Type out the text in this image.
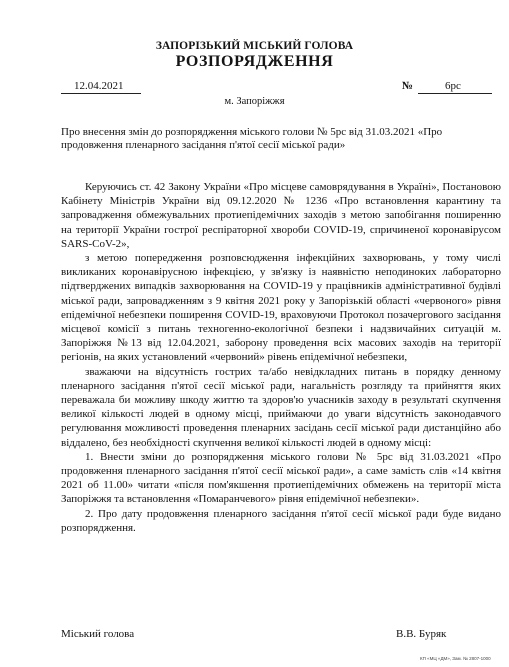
ЗАПОРІЗЬКИЙ МІСЬКИЙ ГОЛОВА
РОЗПОРЯДЖЕННЯ
12.04.2021	№	6рс
м. Запоріжжя
Про внесення змін до розпорядження міського голови № 5рс від 31.03.2021 «Про продовження пленарного засідання п'ятої сесії міської ради»

Керуючись ст. 42 Закону України «Про місцеве самоврядування в Україні», Постановою Кабінету Міністрів України від 09.12.2020 № 1236 «Про встановлення карантину та запровадження обмежувальних протиепідемічних заходів з метою запобігання поширенню на території України гострої респіраторної хвороби COVID-19, спричиненої коронавірусом SARS-CoV-2»,

з метою попередження розповсюдження інфекційних захворювань, у тому числі викликаних коронавірусною інфекцією, у зв'язку із наявністю неподиноких лабораторно підтверджених випадків захворювання на COVID-19 у працівників адміністративної будівлі міської ради, запровадженням з 9 квітня 2021 року у Запорізькій області «червоного» рівня епідемічної небезпеки поширення COVID-19, враховуючи Протокол позачергового засідання місцевої комісії з питань техногенно-екологічної безпеки і надзвичайних ситуацій м. Запоріжжя №13 від 12.04.2021, заборону проведення всіх масових заходів на території регіонів, на яких установлений «червоний» рівень епідемічної небезпеки,

зважаючи на відсутність гострих та/або невідкладних питань в порядку денному пленарного засідання п'ятої сесії міської ради, нагальність розгляду та прийняття яких переважала би можливу шкоду життю та здоров'ю учасників заходу в результаті скупчення великої кількості людей в одному місці, приймаючи до уваги відсутність законодавчого регулювання можливості проведення пленарних засідань сесії міської ради дистанційно або віддалено, без необхідності скупчення великої кількості людей в одному місці:

1. Внести зміни до розпорядження міського голови № 5рс від 31.03.2021 «Про продовження пленарного засідання п'ятої сесії міської ради», а саме замість слів «14 квітня 2021 об 11.00» читати «після пом'якшення протиепідемічних обмежень на території міста Запоріжжя та встановлення «Помаранчевого» рівня епідемічної небезпеки».

2. Про дату продовження пленарного засідання п'ятої сесії міської ради буде видано розпорядження.

Міський голова	В.В. Буряк
КП «МЦ «ДМ», Зам. № 2807-1000
